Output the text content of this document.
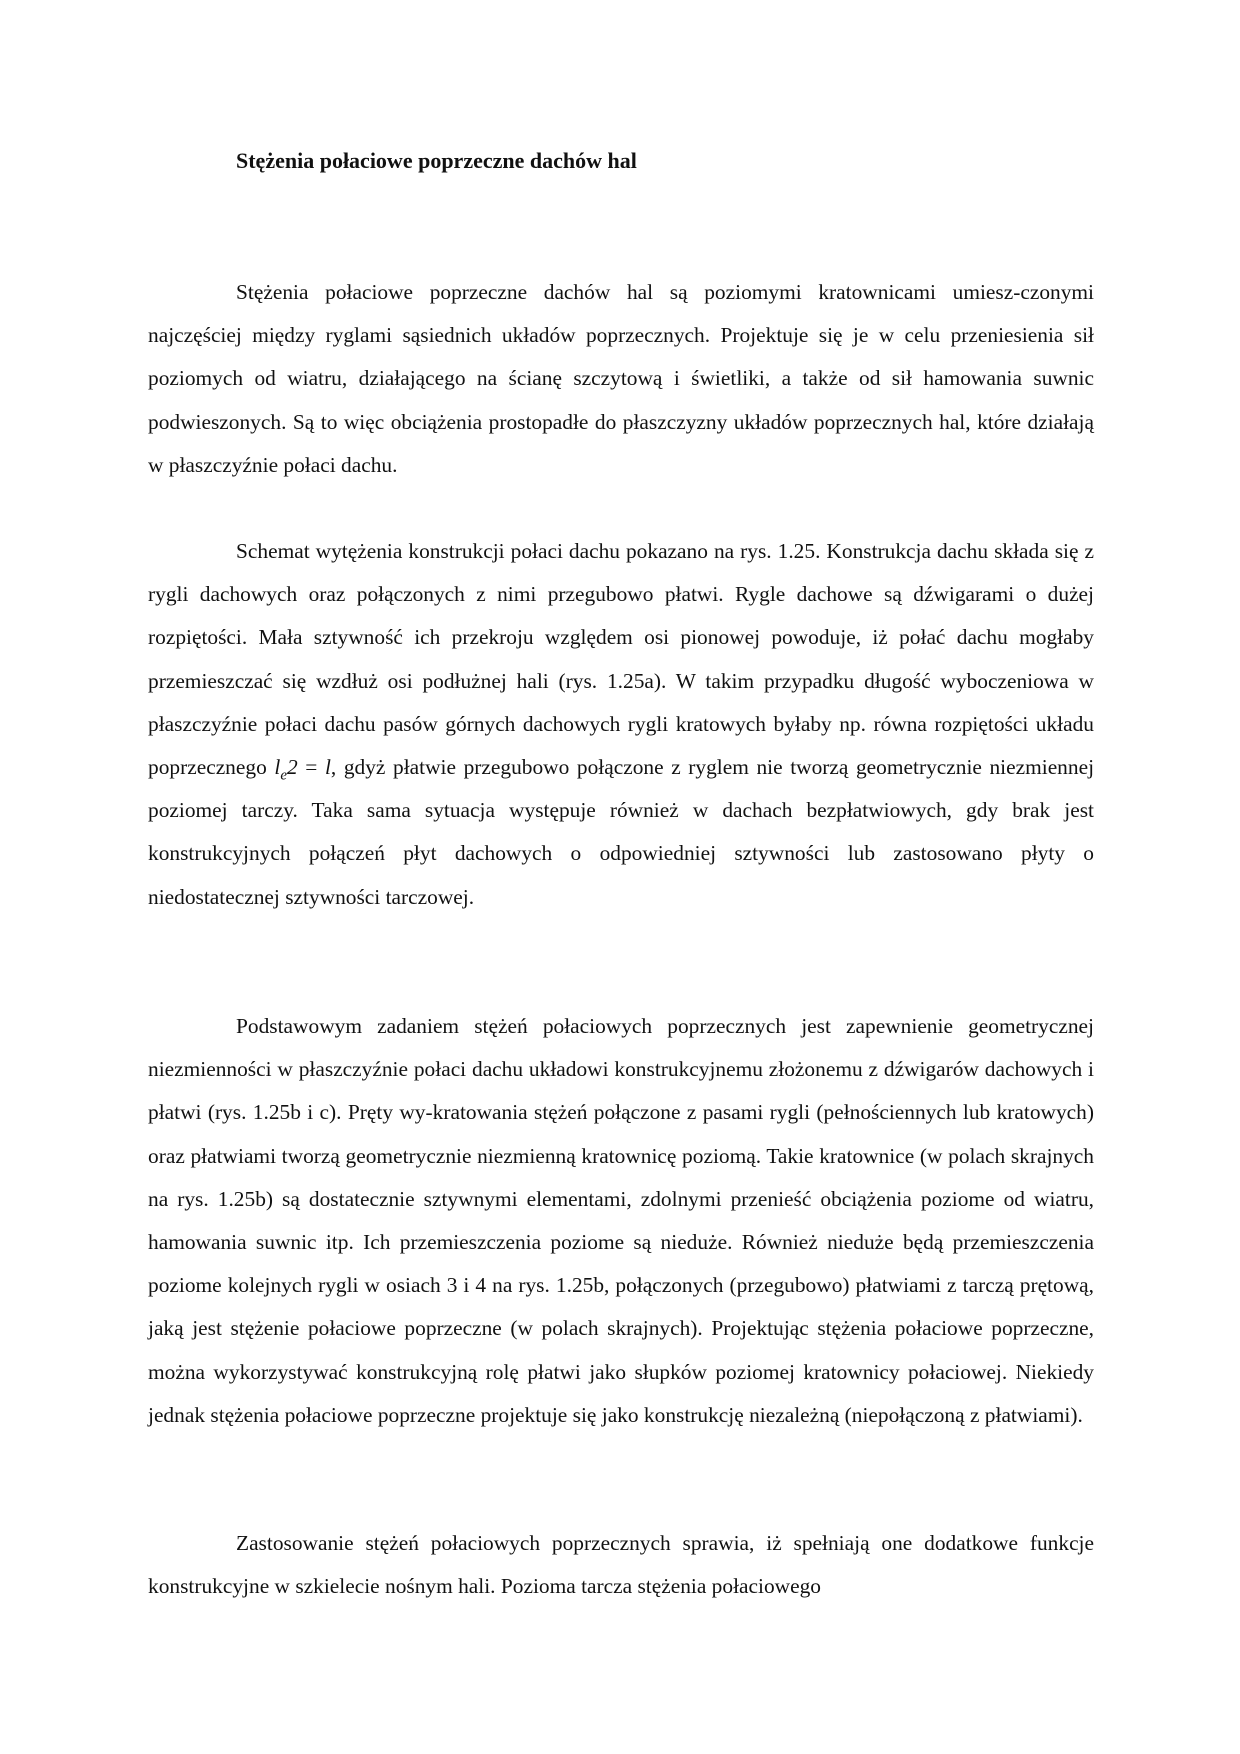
Stężenia połaciowe poprzeczne dachów hal

Stężenia połaciowe poprzeczne dachów hal są poziomymi kratownicami umiesz-czonymi najczęściej między ryglami sąsiednich układów poprzecznych. Projektuje się je w celu przeniesienia sił poziomych od wiatru, działającego na ścianę szczytową i świetliki, a także od sił hamowania suwnic podwieszonych. Są to więc obciążenia prostopadłe do płaszczyzny układów poprzecznych hal, które działają w płaszczyźnie połaci dachu.

Schemat wytężenia konstrukcji połaci dachu pokazano na rys. 1.25. Konstrukcja dachu składa się z rygli dachowych oraz połączonych z nimi przegubowo płatwi. Rygle dachowe są dźwigarami o dużej rozpiętości. Mała sztywność ich przekroju względem osi pionowej powoduje, iż połać dachu mogłaby przemieszczać się wzdłuż osi podłużnej hali (rys. 1.25a). W takim przypadku długość wyboczeniowa w płaszczyźnie połaci dachu pasów górnych dachowych rygli kratowych byłaby np. równa rozpiętości układu poprzecznego $l_e2 = l$, gdyż płatwie przegubowo połączone z ryglem nie tworzą geometrycznie niezmiennej poziomej tarczy. Taka sama sytuacja występuje również w dachach bezpłatwiowych, gdy brak jest konstrukcyjnych połączeń płyt dachowych o odpowiedniej sztywności lub zastosowano płyty o niedostatecznej sztywności tarczowej.

Podstawowym zadaniem stężeń połaciowych poprzecznych jest zapewnienie geometrycznej niezmienności w płaszczyźnie połaci dachu układowi konstrukcyjnemu złożonemu z dźwigarów dachowych i płatwi (rys. 1.25b i c). Pręty wy-kratowania stężeń połączone z pasami rygli (pełnościennych lub kratowych) oraz płatwiami tworzą geometrycznie niezmienną kratownicę poziomą. Takie kratownice (w polach skrajnych na rys. 1.25b) są dostatecznie sztywnymi elementami, zdolnymi przenieść obciążenia poziome od wiatru, hamowania suwnic itp. Ich przemieszczenia poziome są nieduże. Również nieduże będą przemieszczenia poziome kolejnych rygli w osiach 3 i 4 na rys. 1.25b, połączonych (przegubowo) płatwiami z tarczą prętową, jaką jest stężenie połaciowe poprzeczne (w polach skrajnych). Projektując stężenia połaciowe poprzeczne, można wykorzystywać konstrukcyjną rolę płatwi jako słupków poziomej kratownicy połaciowej. Niekiedy jednak stężenia połaciowe poprzeczne projektuje się jako konstrukcję niezależną (niepołączoną z płatwiami).

Zastosowanie stężeń połaciowych poprzecznych sprawia, iż spełniają one dodatkowe funkcje konstrukcyjne w szkielecie nośnym hali. Pozioma tarcza stężenia połaciowego
